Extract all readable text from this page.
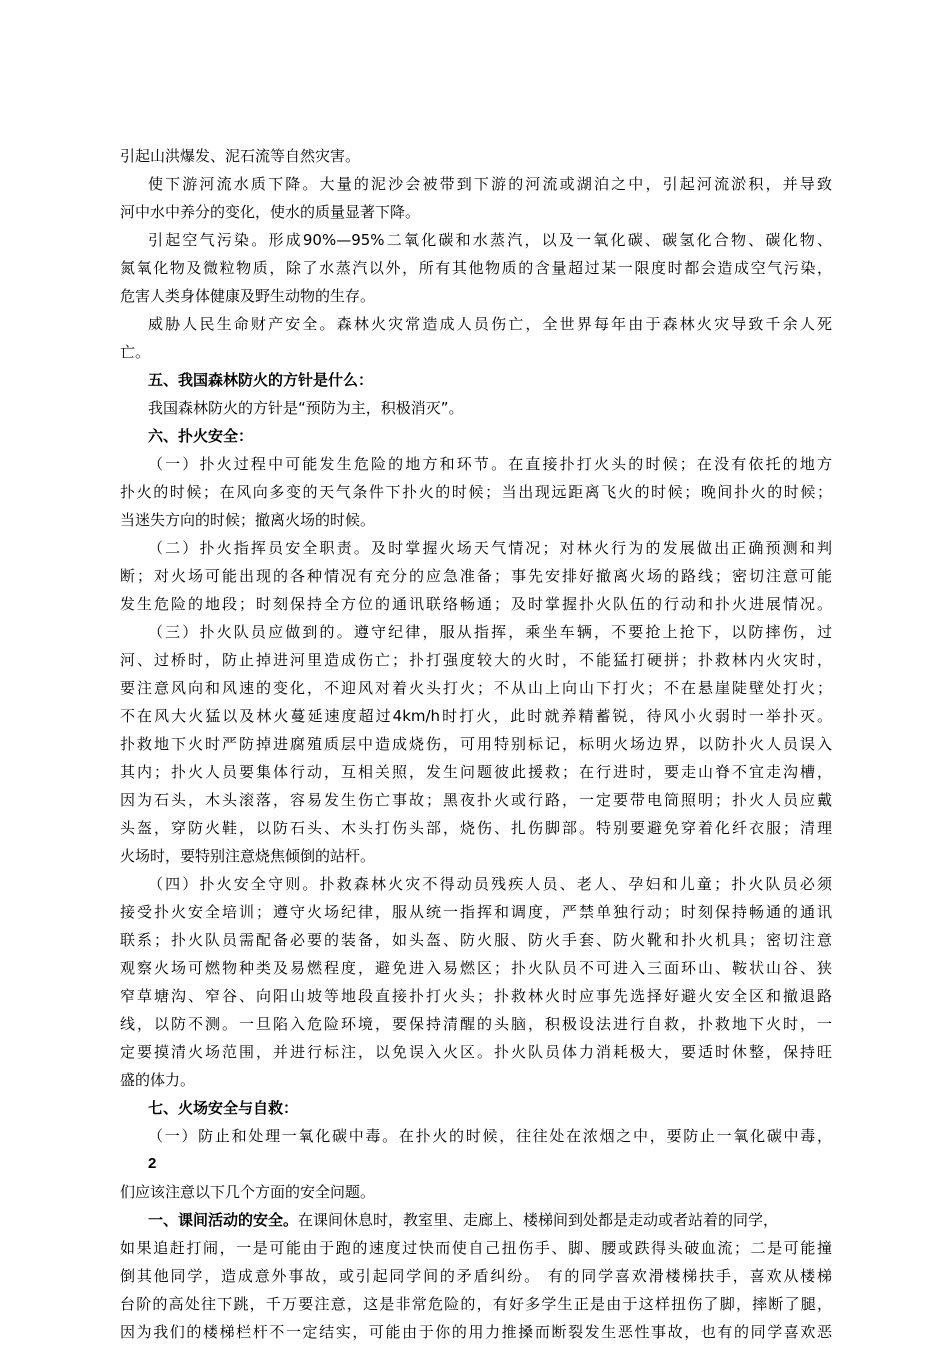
引起山洪爆发、泥石流等自然灾害。
使下游河流水质下降。大量的泥沙会被带到下游的河流或湖泊之中，引起河流淤积，并导致
河中水中养分的变化，使水的质量显著下降。
引起空气污染。形成90%—95%二氧化碳和水蒸汽，以及一氧化碳、碳氢化合物、碳化物、
氮氧化物及微粒物质，除了水蒸汽以外，所有其他物质的含量超过某一限度时都会造成空气污染，
危害人类身体健康及野生动物的生存。
威胁人民生命财产安全。森林火灾常造成人员伤亡，全世界每年由于森林火灾导致千余人死
亡。
五、我国森林防火的方针是什么：
我国森林防火的方针是“预防为主，积极消灭”。
六、扑火安全：
（一）扑火过程中可能发生危险的地方和环节。在直接扑打火头的时候；在没有依托的地方
扑火的时候；在风向多变的天气条件下扑火的时候；当出现远距离飞火的时候；晚间扑火的时候；
当迷失方向的时候；撤离火场的时候。
（二）扑火指挥员安全职责。及时掌握火场天气情况；对林火行为的发展做出正确预测和判
断；对火场可能出现的各种情况有充分的应急准备；事先安排好撤离火场的路线；密切注意可能
发生危险的地段；时刻保持全方位的通讯联络畅通；及时掌握扑火队伍的行动和扑火进展情况。
（三）扑火队员应做到的。遵守纪律，服从指挥，乘坐车辆，不要抢上抢下，以防摔伤，过
河、过桥时，防止掉进河里造成伤亡；扑打强度较大的火时，不能猛打硬拼；扑救林内火灾时，
要注意风向和风速的变化，不迎风对着火头打火；不从山上向山下打火；不在悬崖陡壁处打火；
不在风大火猛以及林火蔓延速度超过4km/h时打火，此时就养精蓄锐，待风小火弱时一举扑灭。
扑救地下火时严防掉进腐殖质层中造成烧伤，可用特别标记，标明火场边界，以防扑火人员误入
其内；扑火人员要集体行动，互相关照，发生问题彼此援救；在行进时，要走山脊不宜走沟槽，
因为石头，木头滚落，容易发生伤亡事故；黑夜扑火或行路，一定要带电筒照明；扑火人员应戴
头盔，穿防火鞋，以防石头、木头打伤头部，烧伤、扎伤脚部。特别要避免穿着化纤衣服；清理
火场时，要特别注意烧焦倾倒的站杆。
（四）扑火安全守则。扑救森林火灾不得动员残疾人员、老人、孕妇和儿童；扑火队员必须
接受扑火安全培训；遵守火场纪律，服从统一指挥和调度，严禁单独行动；时刻保持畅通的通讯
联系；扑火队员需配备必要的装备，如头盔、防火服、防火手套、防火靴和扑火机具；密切注意
观察火场可燃物种类及易燃程度，避免进入易燃区；扑火队员不可进入三面环山、鞍状山谷、狭
窄草塘沟、窄谷、向阳山坡等地段直接扑打火头；扑救林火时应事先选择好避火安全区和撤退路
线，以防不测。一旦陷入危险环境，要保持清醒的头脑，积极设法进行自救，扑救地下火时，一
定要摸清火场范围，并进行标注，以免误入火区。扑火队员体力消耗极大，要适时休整，保持旺
盛的体力。
七、火场安全与自救：
（一）防止和处理一氧化碳中毒。在扑火的时候，往往处在浓烟之中，要防止一氧化碳中毒，
2
们应该注意以下几个方面的安全问题。
一、课间活动的安全。在课间休息时，教室里、走廊上、楼梯间到处都是走动或者站着的同学，
如果追赶打闹，一是可能由于跑的速度过快而使自己扭伤手、脚、腰或跌得头破血流；二是可能撞
倒其他同学，造成意外事故，或引起同学间的矛盾纠纷。 有的同学喜欢滑楼梯扶手，喜欢从楼梯
台阶的高处往下跳，千万要注意，这是非常危险的，有好多学生正是由于这样扭伤了脚，摔断了腿，
因为我们的楼梯栏杆不一定结实，可能由于你的用力推搡而断裂发生恶性事故，也有的同学喜欢恶
